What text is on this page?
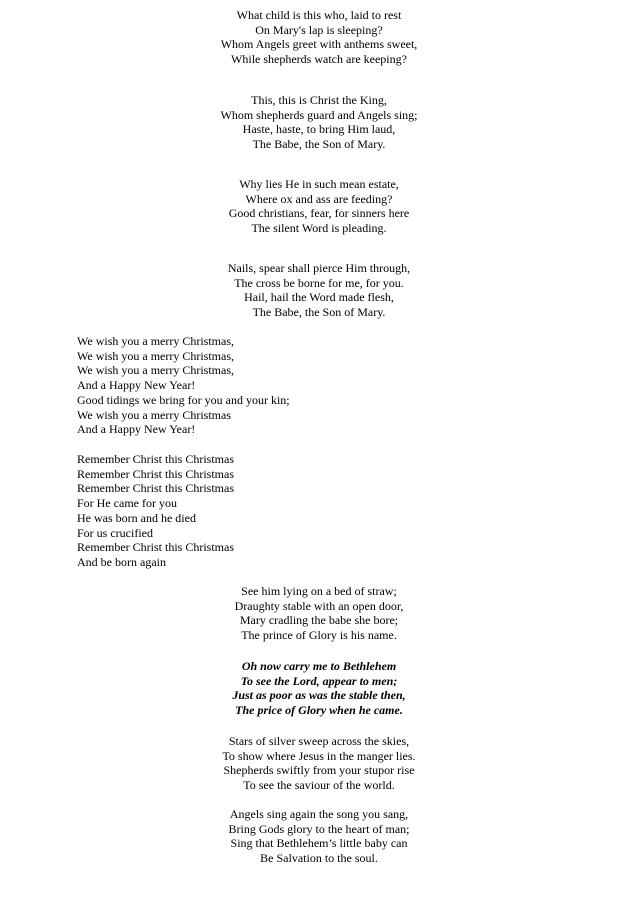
What child is this who, laid to rest
On Mary's lap is sleeping?
Whom Angels greet with anthems sweet,
While shepherds watch are keeping?
This, this is Christ the King,
Whom shepherds guard and Angels sing;
Haste, haste, to bring Him laud,
The Babe, the Son of Mary.
Why lies He in such mean estate,
Where ox and ass are feeding?
Good christians, fear, for sinners here
The silent Word is pleading.
Nails, spear shall pierce Him through,
The cross be borne for me, for you.
Hail, hail the Word made flesh,
The Babe, the Son of Mary.
We wish you a merry Christmas,
We wish you a merry Christmas,
We wish you a merry Christmas,
And a Happy New Year!
Good tidings we bring for you and your kin;
We wish you a merry Christmas
And a Happy New Year!
Remember Christ this Christmas
Remember Christ this Christmas
Remember Christ this Christmas
For He came for you
He was born and he died
For us crucified
Remember Christ this Christmas
And be born again
See him lying on a bed of straw;
Draughty stable with an open door,
Mary cradling the babe she bore;
The prince of Glory is his name.
Oh now carry me to Bethlehem
To see the Lord, appear to men;
Just as poor as was the stable then,
The price of Glory when he came.
Stars of silver sweep across the skies,
To show where Jesus in the manger lies.
Shepherds swiftly from your stupor rise
To see the saviour of the world.
Angels sing again the song you sang,
Bring Gods glory to the heart of man;
Sing that Bethlehem’s little baby can
Be Salvation to the soul.
